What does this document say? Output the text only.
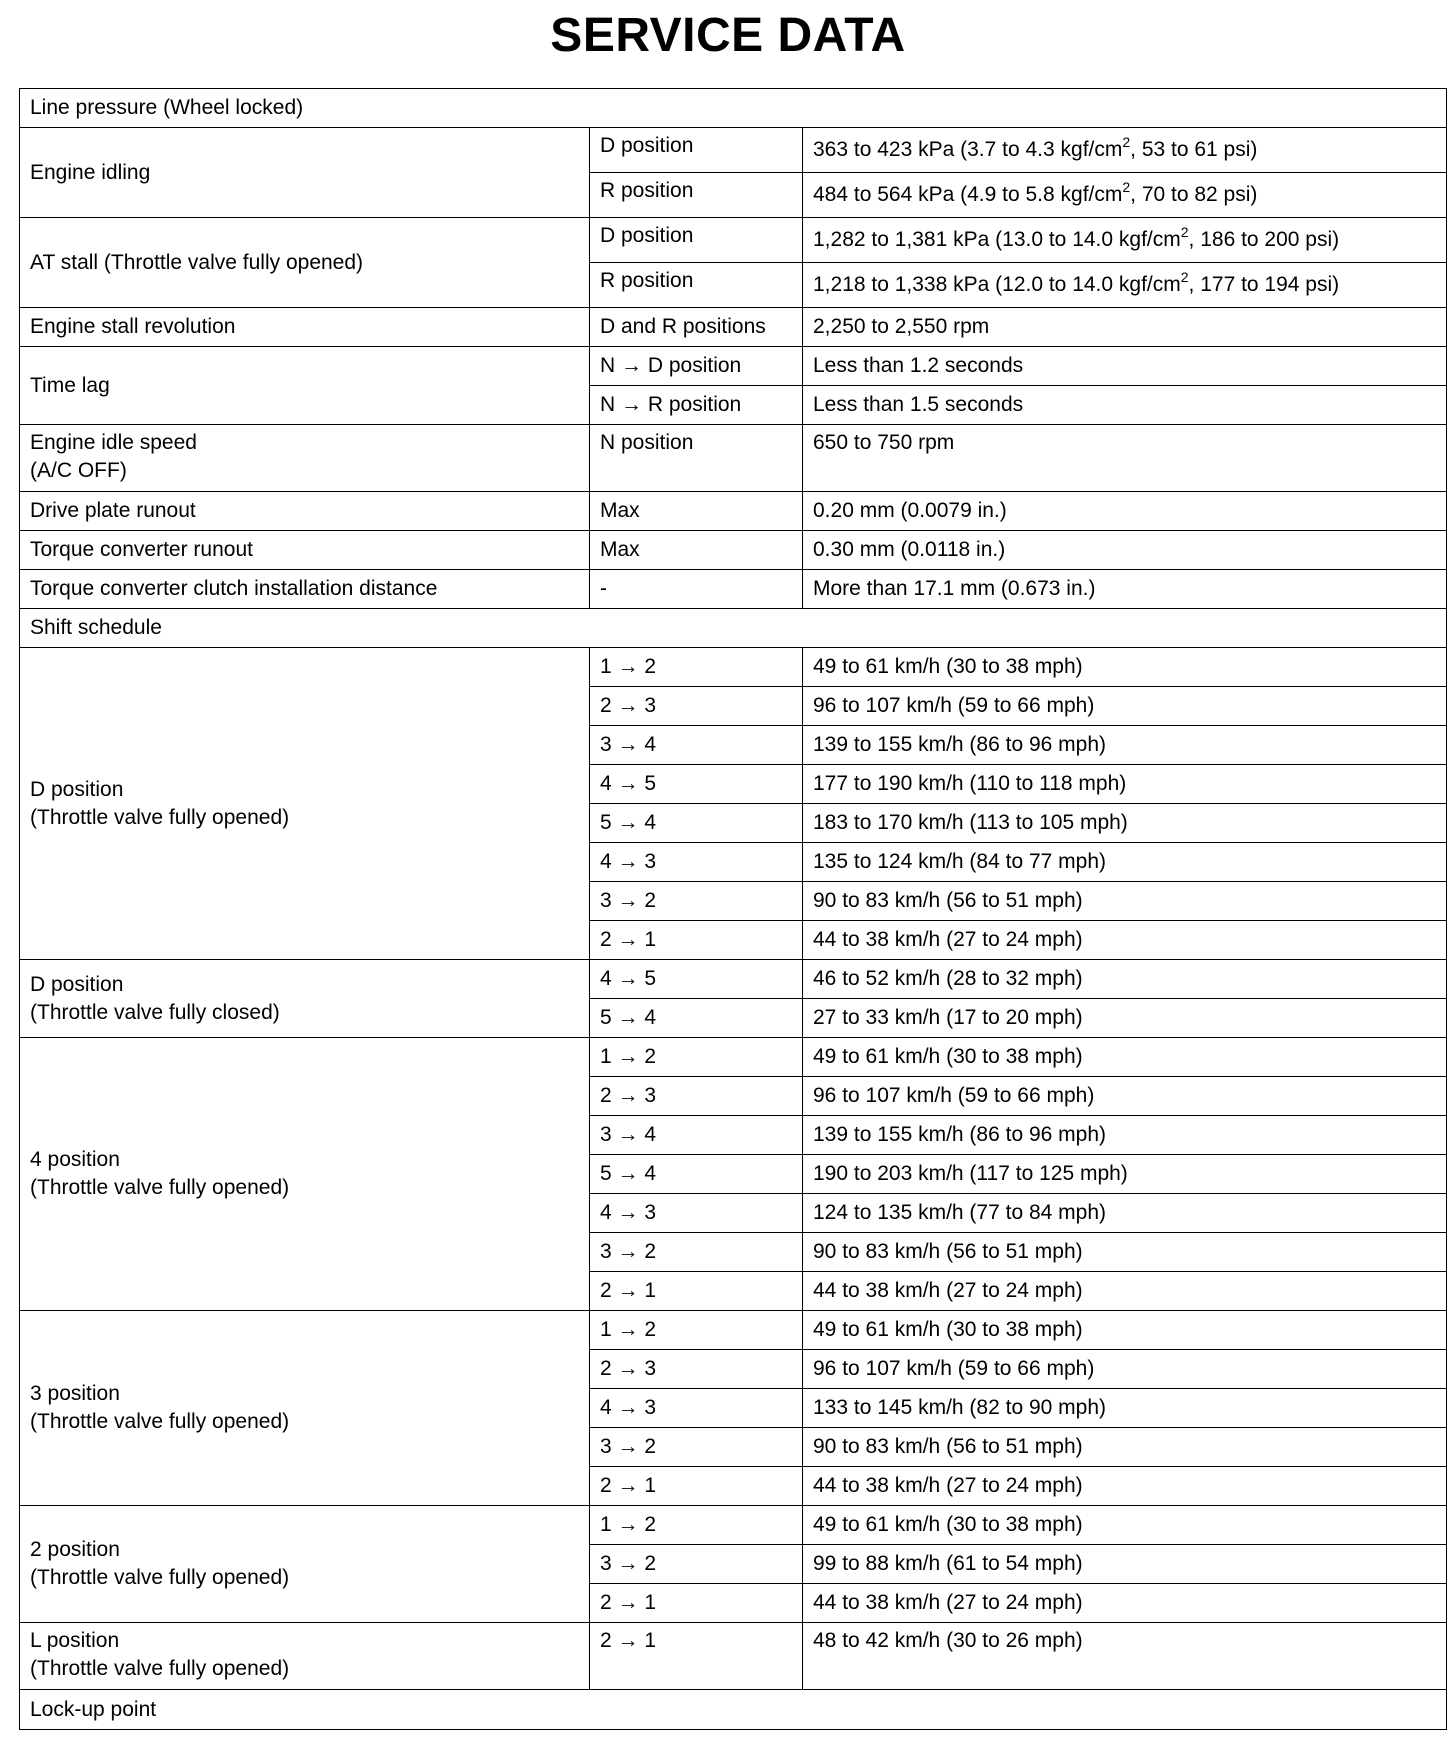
SERVICE DATA
Line pressure (Wheel locked)		
Engine idling	D position	363 to 423 kPa (3.7 to 4.3 kgf/$cm^2$, 53 to 61 psi)
	R position	484 to 564 kPa (4.9 to 5.8 kgf/$cm^2$, 70 to 82 psi)
AT stall (Throttle valve fully opened)	D position	1,282 to 1,381 kPa (13.0 to 14.0 kgf/$cm^2$, 186 to 200 psi)
	R position	1,218 to 1,338 kPa (12.0 to 14.0 kgf/$cm^2$, 177 to 194 psi)
Engine stall revolution	D and R positions	2,250 to 2,550 rpm
Time lag	N → D position	Less than 1.2 seconds
	N → R position	Less than 1.5 seconds

Engine idle speed
(A/C OFF)	N position	650 to 750 rpm
Drive plate runout	Max	0.20 mm (0.0079 in.)
Torque converter runout	Max	0.30 mm (0.0118 in.)
Torque converter clutch installation distance	-	More than 17.1 mm (0.673 in.)
Shift schedule		

D position
(Throttle valve fully opened)	1 → 2	49 to 61 km/h (30 to 38 mph)
	2 → 3	96 to 107 km/h (59 to 66 mph)
	3 → 4	139 to 155 km/h (86 to 96 mph)
	4 → 5	177 to 190 km/h (110 to 118 mph)
	5 → 4	183 to 170 km/h (113 to 105 mph)
	4 → 3	135 to 124 km/h (84 to 77 mph)
	3 → 2	90 to 83 km/h (56 to 51 mph)
	2 → 1	44 to 38 km/h (27 to 24 mph)

D position
(Throttle valve fully closed)	4 → 5	46 to 52 km/h (28 to 32 mph)
	5 → 4	27 to 33 km/h (17 to 20 mph)

4 position
(Throttle valve fully opened)	1 → 2	49 to 61 km/h (30 to 38 mph)
	2 → 3	96 to 107 km/h (59 to 66 mph)
	3 → 4	139 to 155 km/h (86 to 96 mph)
	5 → 4	190 to 203 km/h (117 to 125 mph)
	4 → 3	124 to 135 km/h (77 to 84 mph)
	3 → 2	90 to 83 km/h (56 to 51 mph)
	2 → 1	44 to 38 km/h (27 to 24 mph)

3 position
(Throttle valve fully opened)	1 → 2	49 to 61 km/h (30 to 38 mph)
	2 → 3	96 to 107 km/h (59 to 66 mph)
	4 → 3	133 to 145 km/h (82 to 90 mph)
	3 → 2	90 to 83 km/h (56 to 51 mph)
	2 → 1	44 to 38 km/h (27 to 24 mph)

2 position
(Throttle valve fully opened)	1 → 2	49 to 61 km/h (30 to 38 mph)
	3 → 2	99 to 88 km/h (61 to 54 mph)
	2 → 1	44 to 38 km/h (27 to 24 mph)

L position
(Throttle valve fully opened)	2 → 1	48 to 42 km/h (30 to 26 mph)
Lock-up point		
